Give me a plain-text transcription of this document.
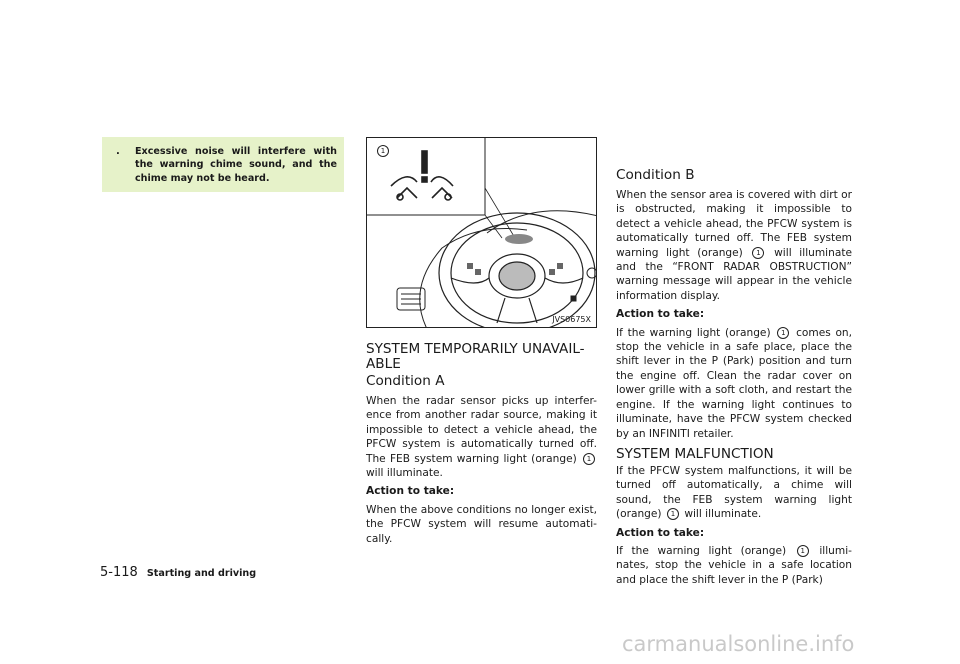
. Excessive noise will interfere with the warning chime sound, and the chime may not be heard.
JVS0675X
1
SYSTEM TEMPORARILY UNAVAIL-ABLE
Condition A

When the radar sensor picks up interfer-ence from another radar source, making it impossible to detect a vehicle ahead, the PFCW system is automatically turned off. The FEB system warning light (orange) 1 will illuminate.

Action to take:

When the above conditions no longer exist, the PFCW system will resume automati-cally.

Condition B

When the sensor area is covered with dirt or is obstructed, making it impossible to detect a vehicle ahead, the PFCW system is automatically turned off. The FEB system warning light (orange) 1 will illuminate and the “FRONT RADAR OBSTRUCTION” warning message will appear in the vehicle information display.

Action to take:

If the warning light (orange) 1 comes on, stop the vehicle in a safe place, place the shift lever in the P (Park) position and turn the engine off. Clean the radar cover on lower grille with a soft cloth, and restart the engine. If the warning light continues to illuminate, have the PFCW system checked by an INFINITI retailer.

SYSTEM MALFUNCTION

If the PFCW system malfunctions, it will be turned off automatically, a chime will sound, the FEB system warning light (orange) 1 will illuminate.

Action to take:

If the warning light (orange) 1 illumi-nates, stop the vehicle in a safe location and place the shift lever in the P (Park)

5-118 Starting and driving
carmanualsonline.info
